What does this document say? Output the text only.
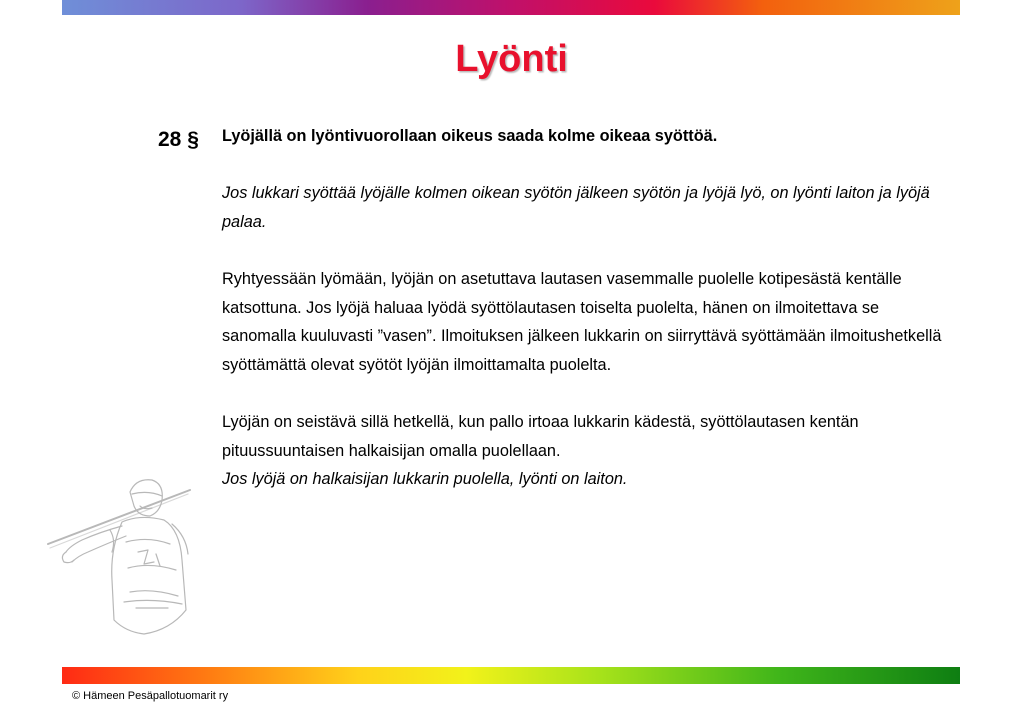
Lyönti
28 § Lyöjällä on lyöntivuorollaan oikeus saada kolme oikeaa syöttöä.

Jos lukkari syöttää lyöjälle kolmen oikean syötön jälkeen syötön ja lyöjä lyö, on lyönti laiton ja lyöjä palaa.

Ryhtyessään lyömään, lyöjän on asetuttava lautasen vasemmalle puolelle kotipesästä kentälle katsottuna. Jos lyöjä haluaa lyödä syöttölautasen toiselta puolelta, hänen on ilmoitettava se sanomalla kuuluvasti ”vasen”. Ilmoituksen jälkeen lukkarin on siirryttävä syöttämään ilmoitushetkellä syöttämättä olevat syötöt lyöjän ilmoittamalta puolelta.

Lyöjän on seistävä sillä hetkellä, kun pallo irtoaa lukkarin kädestä, syöttölautasen kentän pituussuuntaisen halkaisijan omalla puolellaan.

Jos lyöjä on halkaisijan lukkarin puolella, lyönti on laiton.

© Hämeen Pesäpallotuomarit ry
